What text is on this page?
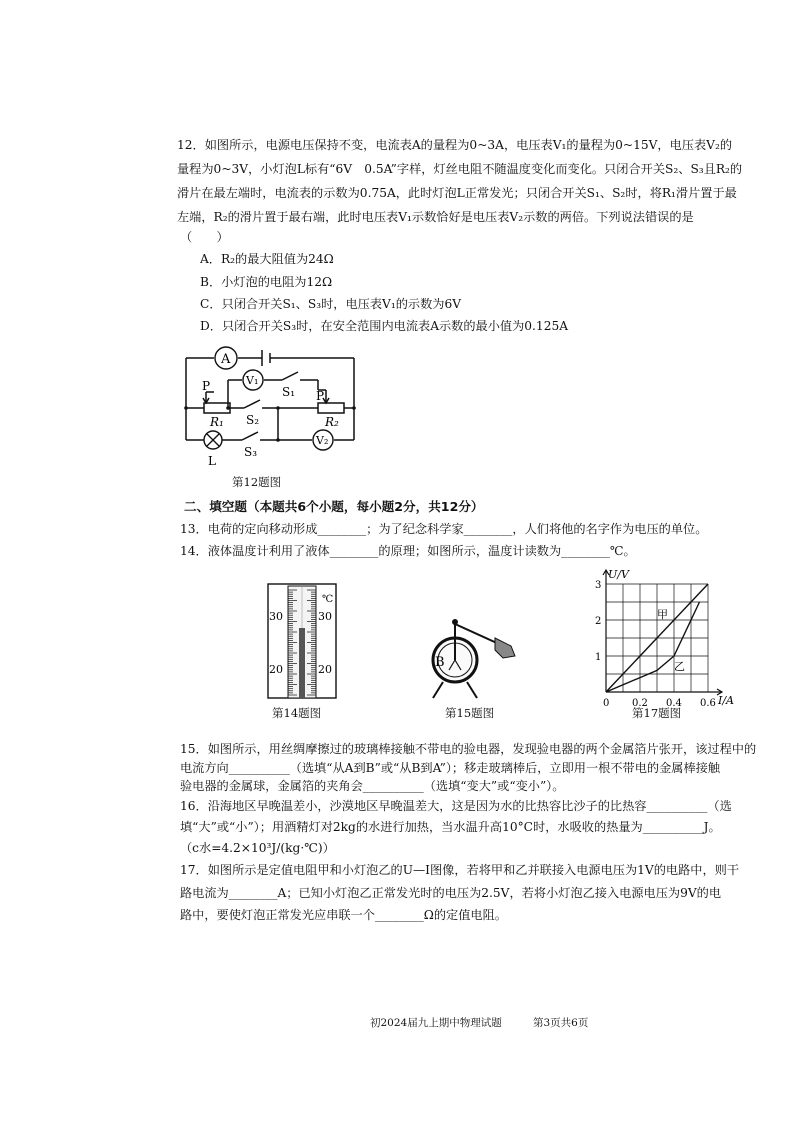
12．如图所示，电源电压保持不变，电流表A的量程为0~3A，电压表V₁的量程为0~15V，电压表V₂的
量程为0~3V，小灯泡L标有“6V　0.5A”字样，灯丝电阻不随温度变化而变化。只闭合开关S₂、S₃且R₂的
滑片在最左端时，电流表的示数为0.75A，此时灯泡L正常发光；只闭合开关S₁、S₂时，将R₁滑片置于最
左端，R₂的滑片置于最右端，此时电压表V₁示数恰好是电压表V₂示数的两倍。下列说法错误的是
（　　）
A．R₂的最大阻值为24Ω
B．小灯泡的电阻为12Ω
C．只闭合开关S₁、S₃时，电压表V₁的示数为6V
D．只闭合开关S₃时，在安全范围内电流表A示数的最小值为0.125A
A
V₁
V₂
S₁
S₂
S₃
P
P
R₁	R₂
L
第12题图
二、填空题（本题共6个小题，每小题2分，共12分）
13．电荷的定向移动形成________；为了纪念科学家________，人们将他的名字作为电压的单位。
14．液体温度计利用了液体________的原理；如图所示，温度计读数为________℃。
℃
30	30
20	20
第14题图
B
第15题图
1
2
3
0 0.2 0.4 0.6
U/V
I/A
甲
乙
第17题图
15．如图所示，用丝绸摩擦过的玻璃棒接触不带电的验电器，发现验电器的两个金属箔片张开，该过程中的
电流方向__________（选填“从A到B”或“从B到A”）；移走玻璃棒后，立即用一根不带电的金属棒接触
验电器的金属球，金属箔的夹角会__________（选填“变大”或“变小”）。
16．沿海地区早晚温差小，沙漠地区早晚温差大，这是因为水的比热容比沙子的比热容__________（选
填“大”或“小”）；用酒精灯对2kg的水进行加热，当水温升高10°C时，水吸收的热量为__________J。
（c水=4.2×10³J/(kg·℃)）
17．如图所示是定值电阻甲和小灯泡乙的U—I图像，若将甲和乙并联接入电源电压为1V的电路中，则干
路电流为________A；已知小灯泡乙正常发光时的电压为2.5V，若将小灯泡乙接入电源电压为9V的电
路中，要使灯泡正常发光应串联一个________Ω的定值电阻。
初2024届九上期中物理试题	第3页共6页
